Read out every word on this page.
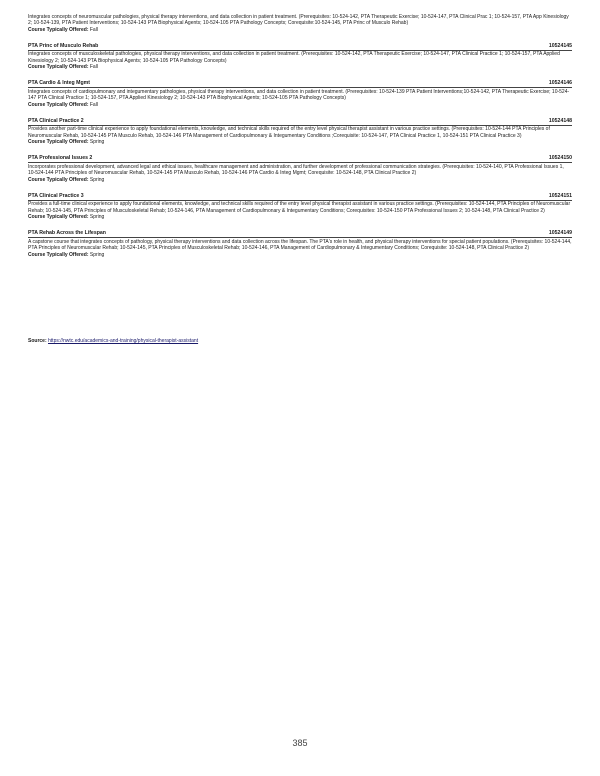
Integrates concepts of neuromuscular pathologies, physical therapy interventions, and data collection in patient treatment. (Prerequisites: 10-524-142, PTA Therapeutic Exercise; 10-524-147, PTA Clinical Prac 1; 10-524-157, PTA App Kinesiology 2; 10-524-139, PTA Patient Interventions; 10-524-143 PTA Biophysical Agents; 10-524-105 PTA Pathology Concepts; Corequisite:10-524-145, PTA Princ of Musculo Rehab)
Course Typically Offered: Fall
PTA Princ of Musculo Rehab	10524145
Integrates concepts of musculoskeletal pathologies, physical therapy interventions, and data collection in patient treatment. (Prerequisites: 10-524-142, PTA Therapeutic Exercise; 10-524-147, PTA Clinical Practice 1; 10-524-157, PTA Applied Kinesiology 2; 10-524-143 PTA Biophysical Agents; 10-524-105 PTA Pathology Concepts)
Course Typically Offered: Fall
PTA Cardio & Integ Mgmt	10524146
Integrates concepts of cardiopulmonary and integumentary pathologies, physical therapy interventions, and data collection in patient treatment. (Prerequisites: 10-524-139 PTA Patient Interventions;10-524-142, PTA Therapeutic Exercise; 10-524-147 PTA Clinical Practice 1; 10-524-157, PTA Applied Kinesiology 2; 10-524-143 PTA Biophysical Agents; 10-524-105 PTA Pathology Concepts)
Course Typically Offered: Fall
PTA Clinical Practice 2	10524148
Provides another part-time clinical experience to apply foundational elements, knowledge, and technical skills required of the entry level physical therapist assistant in various practice settings. (Prerequisites: 10-524-144 PTA Principles of Neuromuscular Rehab, 10-524-145 PTA Musculo Rehab, 10-524-146 PTA Management of Cardiopulmonary & Integumentary Conditions ;Corequisite: 10-524-147, PTA Clinical Practice 1, 10-524-151 PTA Clinical Practice 3)
Course Typically Offered: Spring
PTA Professional Issues 2	10524150
Incorporates professional development, advanced legal and ethical issues, healthcare management and administration, and further development of professional communication strategies. (Prerequisites: 10-524-140, PTA Professional Issues 1, 10-524-144 PTA Principles of Neuromuscular Rehab, 10-524-145 PTA Musculo Rehab, 10-524-146 PTA Cardio & Integ Mgmt; Corequisite: 10-524-148, PTA Clinical Practice 2)
Course Typically Offered: Spring
PTA Clinical Practice 3	10524151
Provides a full-time clinical experience to apply foundational elements, knowledge, and technical skills required of the entry level physical therapist assistant in various practice settings. (Prerequisites: 10-524-144, PTA Principles of Neuromuscular Rehab; 10-524-145, PTA Principles of Musculoskeletal Rehab; 10-524-146, PTA Management of Cardiopulmonary & Integumentary Conditions; Corequisites: 10-524-150 PTA Professional Issues 2; 10-524-148, PTA Clinical Practice 2)
Course Typically Offered: Spring
PTA Rehab Across the Lifespan	10524149
A capstone course that integrates concepts of pathology, physical therapy interventions and data collection across the lifespan. The PTA's role in health, and physical therapy interventions for special patient populations. (Prerequisites: 10-524-144, PTA Principles of Neuromuscular Rehab; 10-524-145, PTA Principles of Musculoskeletal Rehab; 10-524-146, PTA Management of Cardiopulmonary & Integumentary Conditions; Corequisite: 10-524-148, PTA Clinical Practice 2)
Course Typically Offered: Spring
Source: https://nwtc.edu/academics-and-training/physical-therapist-assistant
385
